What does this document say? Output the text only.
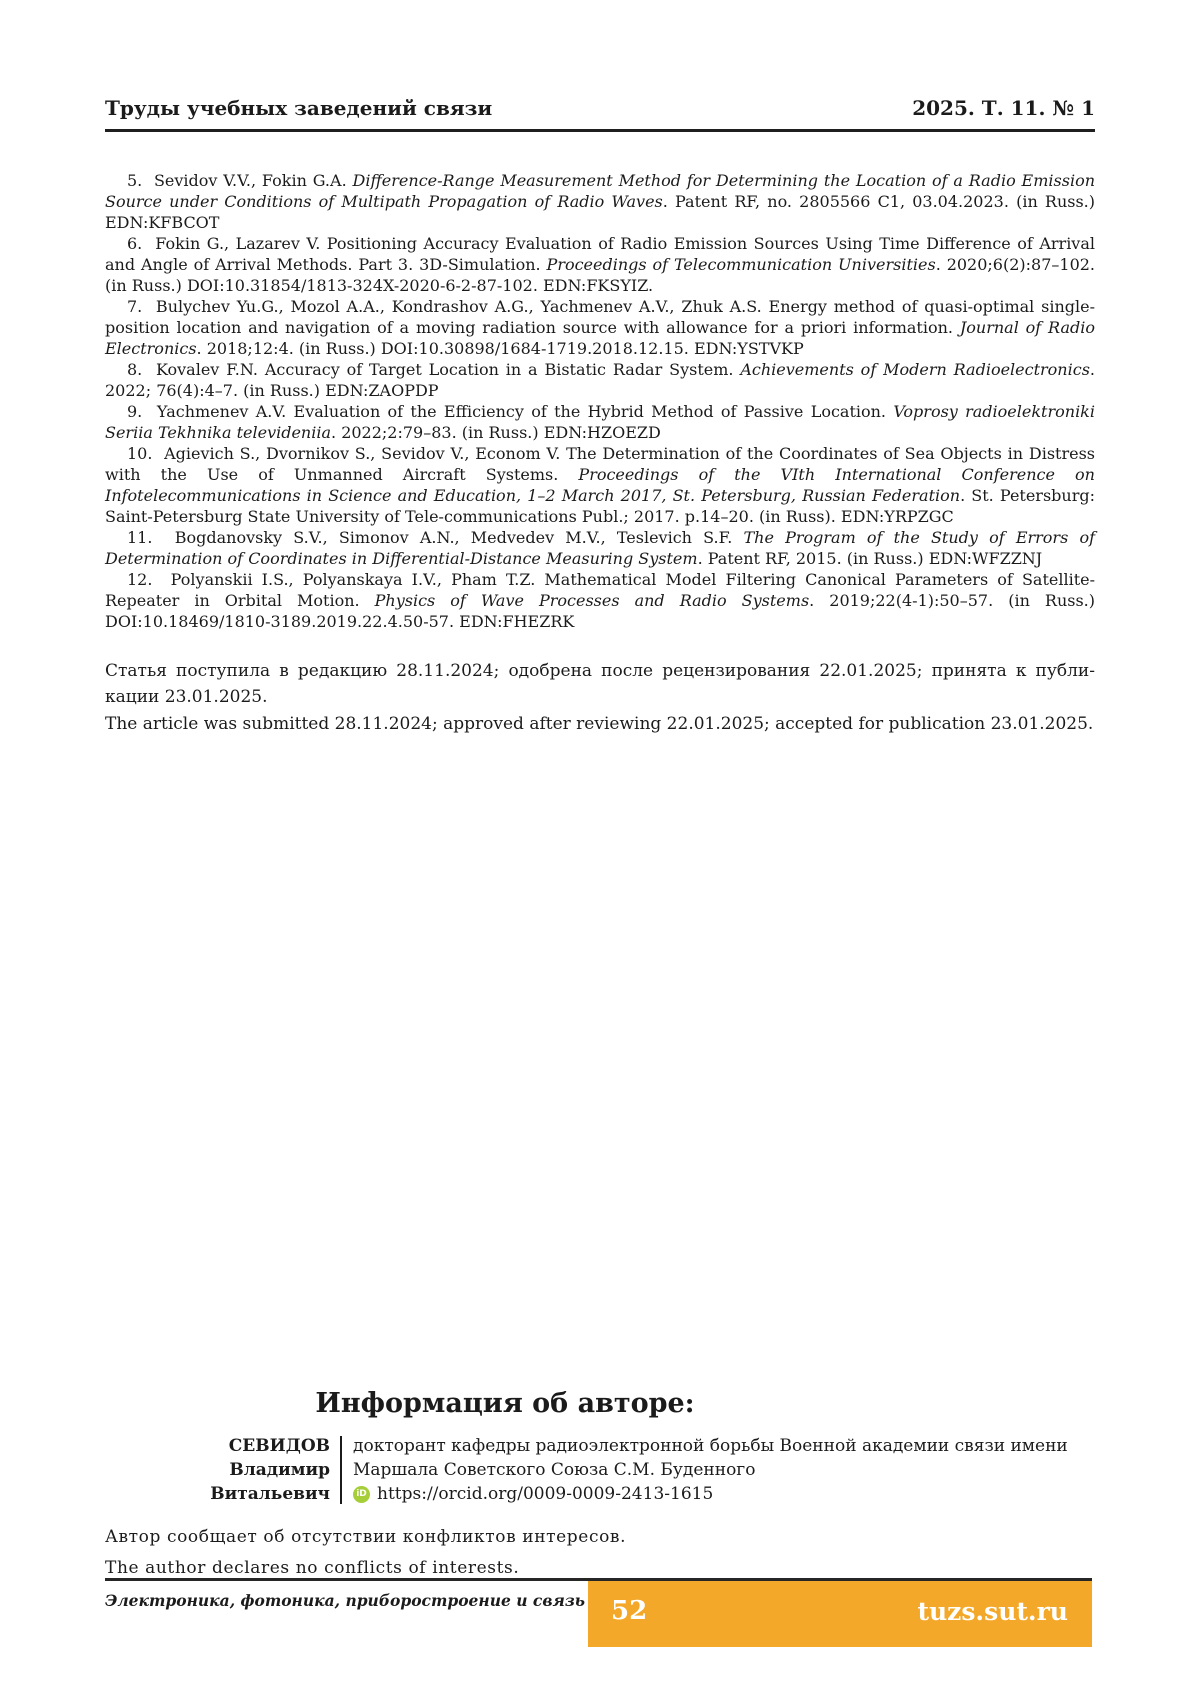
Труды учебных заведений связи	2025. Т. 11. № 1

5.  Sevidov V.V., Fokin G.A. Difference-Range Measurement Method for Determining the Location of a Radio Emission Source under Conditions of Multipath Propagation of Radio Waves. Patent RF, no. 2805566 C1, 03.04.2023. (in Russ.) EDN:KFBCOT

6.  Fokin G., Lazarev V. Positioning Accuracy Evaluation of Radio Emission Sources Using Time Difference of Arrival and Angle of Arrival Methods. Part 3. 3D-Simulation. Proceedings of Telecommunication Universities. 2020;6(2):87–102. (in Russ.) DOI:10.31854/1813-324X-2020-6-2-87-102. EDN:FKSYIZ.

7.  Bulychev Yu.G., Mozol A.A., Kondrashov A.G., Yachmenev A.V., Zhuk A.S. Energy method of quasi-optimal single-position location and navigation of a moving radiation source with allowance for a priori information. Journal of Radio Electronics. 2018;12:4. (in Russ.) DOI:10.30898/1684-1719.2018.12.15. EDN:YSTVKP

8.  Kovalev F.N. Accuracy of Target Location in a Bistatic Radar System. Achievements of Modern Radioelectronics. 2022; 76(4):4–7. (in Russ.) EDN:ZAOPDP

9.  Yachmenev A.V. Evaluation of the Efficiency of the Hybrid Method of Passive Location. Voprosy radioelektroniki Seriia Tekhnika televideniia. 2022;2:79–83. (in Russ.) EDN:HZOEZD

10.  Agievich S., Dvornikov S., Sevidov V., Econom V. The Determination of the Coordinates of Sea Objects in Distress with the Use of Unmanned Aircraft Systems. Proceedings of the VIth International Conference on Infotelecommunications in Science and Education, 1–2 March 2017, St. Petersburg, Russian Federation. St. Petersburg: Saint-Petersburg State University of Tele-communications Publ.; 2017. p.14–20. (in Russ). EDN:YRPZGC

11.  Bogdanovsky S.V., Simonov A.N., Medvedev M.V., Teslevich S.F. The Program of the Study of Errors of Determination of Coordinates in Differential-Distance Measuring System. Patent RF, 2015. (in Russ.) EDN:WFZZNJ

12.  Polyanskii I.S., Polyanskaya I.V., Pham T.Z. Mathematical Model Filtering Canonical Parameters of Satellite-Repeater in Orbital Motion. Physics of Wave Processes and Radio Systems. 2019;22(4-1):50–57. (in Russ.) DOI:10.18469/1810-3189.2019.22.4.50-57. EDN:FHEZRK

Статья поступила в редакцию 28.11.2024; одобрена после рецензирования 22.01.2025; принята к публи-
кации 23.01.2025.
The article was submitted 28.11.2024; approved after reviewing 22.01.2025; accepted for publication 23.01.2025.
Информация об авторе:
СЕВИДОВ
Владимир Витальевич
докторант кафедры радиоэлектронной борьбы Военной академии связи имени
Маршала Советского Союза С.М. Буденного
iD https://orcid.org/0009-0009-2413-1615
Автор сообщает об отсутствии конфликтов интересов.
The author declares no conflicts of interests.
Электроника, фотоника, приборостроение и связь 52	tuzs.sut.ru
